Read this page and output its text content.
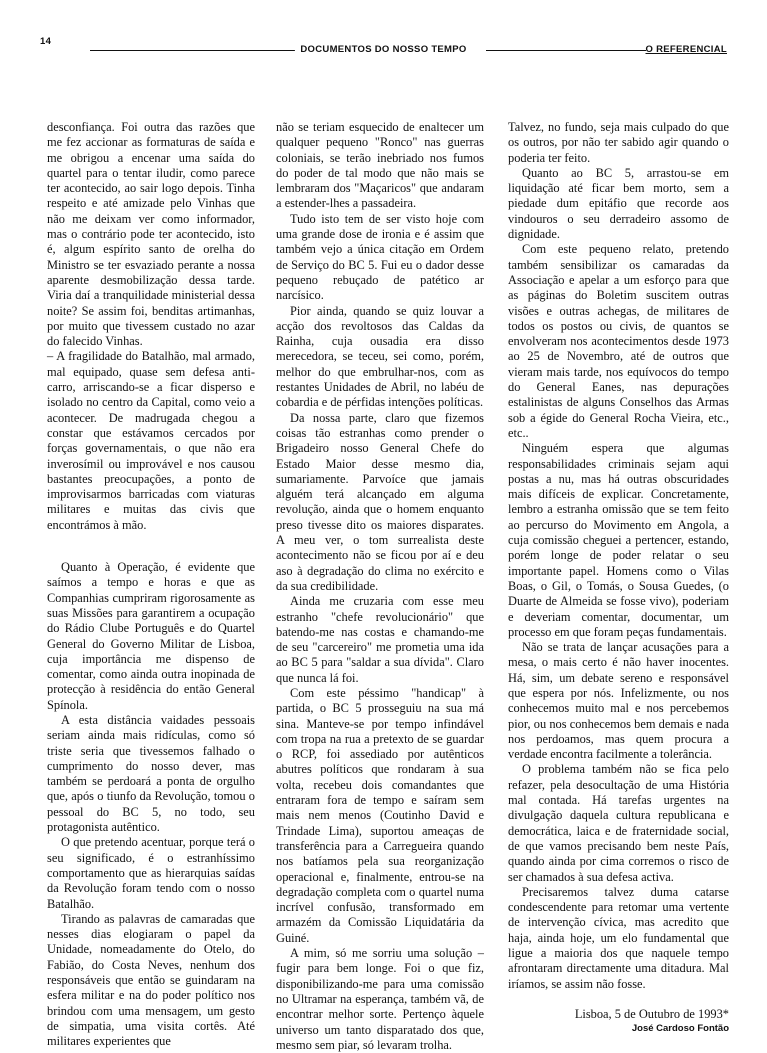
14
DOCUMENTOS DO NOSSO TEMPO	O REFERENCIAL

desconfiança. Foi outra das razões que me fez accionar as formaturas de saída e me obrigou a encenar uma saída do quartel para o tentar iludir, como parece ter acontecido, ao sair logo depois. Tinha respeito e até amizade pelo Vinhas que não me deixam ver como informador, mas o contrário pode ter acontecido, isto é, algum espírito santo de orelha do Ministro se ter esvaziado perante a nossa aparente desmobilização dessa tarde. Viria daí a tranquilidade ministerial dessa noite? Se assim foi, benditas artimanhas, por muito que tivessem custado no azar do falecido Vinhas.

– A fragilidade do Batalhão, mal armado, mal equipado, quase sem defesa anti-carro, arriscando-se a ficar disperso e isolado no centro da Capital, como veio a acontecer. De madrugada chegou a constar que estávamos cercados por forças governamentais, o que não era inverosímil ou improvável e nos causou bastantes preocupações, a ponto de improvisarmos barricadas com viaturas militares e muitas das civis que encontrámos à mão.

Quanto à Operação, é evidente que saímos a tempo e horas e que as Companhias cumpriram rigorosamente as suas Missões para garantirem a ocupação do Rádio Clube Português e do Quartel General do Governo Militar de Lisboa, cuja importância me dispenso de comentar, como ainda outra inopinada de protecção à residência do então General Spínola.

A esta distância vaidades pessoais seriam ainda mais ridículas, como só triste seria que tivessemos falhado o cumprimento do nosso dever, mas também se perdoará a ponta de orgulho que, após o tiunfo da Revolução, tomou o pessoal do BC 5, no todo, seu protagonista autêntico.

O que pretendo acentuar, porque terá o seu significado, é o estranhíssimo comportamento que as hierarquias saídas da Revolução foram tendo com o nosso Batalhão.

Tirando as palavras de camaradas que nesses dias elogiaram o papel da Unidade, nomeadamente do Otelo, do Fabião, do Costa Neves, nenhum dos responsáveis que então se guindaram na esfera militar e na do poder político nos brindou com uma mensagem, um gesto de simpatia, uma visita cortês. Até militares experientes que

não se teriam esquecido de enaltecer um qualquer pequeno "Ronco" nas guerras coloniais, se terão inebriado nos fumos do poder de tal modo que não mais se lembraram dos "Maçaricos" que andaram a estender-lhes a passadeira.

Tudo isto tem de ser visto hoje com uma grande dose de ironia e é assim que também vejo a única citação em Ordem de Serviço do BC 5. Fui eu o dador desse pequeno rebuçado de patético ar narcísico.

Pior ainda, quando se quiz louvar a acção dos revoltosos das Caldas da Rainha, cuja ousadia era disso merecedora, se teceu, sei como, porém, melhor do que embrulhar-nos, com as restantes Unidades de Abril, no labéu de cobardia e de pérfidas intenções políticas.

Da nossa parte, claro que fizemos coisas tão estranhas como prender o Brigadeiro nosso General Chefe do Estado Maior desse mesmo dia, sumariamente. Parvoíce que jamais alguém terá alcançado em alguma revolução, ainda que o homem enquanto preso tivesse dito os maiores disparates. A meu ver, o tom surrealista deste acontecimento não se ficou por aí e deu aso à degradação do clima no exército e da sua credibilidade.

Ainda me cruzaria com esse meu estranho "chefe revolucionário" que batendo-me nas costas e chamando-me de seu "carcereiro" me prometia uma ida ao BC 5 para "saldar a sua dívida". Claro que nunca lá foi.

Com este péssimo "handicap" à partida, o BC 5 prosseguiu na sua má sina. Manteve-se por tempo infindável com tropa na rua a pretexto de se guardar o RCP, foi assediado por autênticos abutres políticos que rondaram à sua volta, recebeu dois comandantes que entraram fora de tempo e saíram sem mais nem menos (Coutinho David e Trindade Lima), suportou ameaças de transferência para a Carregueira quando nos batíamos pela sua reorganização operacional e, finalmente, entrou-se na degradação completa com o quartel numa incrível confusão, transformado em armazém da Comissão Liquidatária da Guiné.

A mim, só me sorriu uma solução – fugir para bem longe. Foi o que fiz, disponibilizando-me para uma comissão no Ultramar na esperança, também vã, de encontrar melhor sorte. Pertenço àquele universo um tanto disparatado dos que, mesmo sem piar, só levaram trolha.

Talvez, no fundo, seja mais culpado do que os outros, por não ter sabido agir quando o poderia ter feito.

Quanto ao BC 5, arrastou-se em liquidação até ficar bem morto, sem a piedade dum epitáfio que recorde aos vindouros o seu derradeiro assomo de dignidade.

Com este pequeno relato, pretendo também sensibilizar os camaradas da Associação e apelar a um esforço para que as páginas do Boletim suscitem outras visões e outras achegas, de militares de todos os postos ou civis, de quantos se envolveram nos acontecimentos desde 1973 ao 25 de Novembro, até de outros que vieram mais tarde, nos equívocos do tempo do General Eanes, nas depurações estalinistas de alguns Conselhos das Armas sob a égide do General Rocha Vieira, etc., etc..

Ninguém espera que algumas responsabilidades criminais sejam aqui postas a nu, mas há outras obscuridades mais difíceis de explicar. Concretamente, lembro a estranha omissão que se tem feito ao percurso do Movimento em Angola, a cuja comissão cheguei a pertencer, estando, porém longe de poder relatar o seu importante papel. Homens como o Vilas Boas, o Gil, o Tomás, o Sousa Guedes, (o Duarte de Almeida se fosse vivo), poderiam e deveriam comentar, documentar, um processo em que foram peças fundamentais.

Não se trata de lançar acusações para a mesa, o mais certo é não haver inocentes. Há, sim, um debate sereno e responsável que espera por nós. Infelizmente, ou nos conhecemos muito mal e nos percebemos pior, ou nos conhecemos bem demais e nada nos perdoamos, mas quem procura a verdade encontra facilmente a tolerância.

O problema também não se fica pelo refazer, pela desocultação de uma História mal contada. Há tarefas urgentes na divulgação daquela cultura republicana e democrática, laica e de fraternidade social, de que vamos precisando bem neste País, quando ainda por cima corremos o risco de ser chamados à sua defesa activa.

Precisaremos talvez duma catarse condescendente para retomar uma vertente de intervenção cívica, mas acredito que haja, ainda hoje, um elo fundamental que ligue a maioria dos que naquele tempo afrontaram directamente uma ditadura. Mal iríamos, se assim não fosse.

Lisboa, 5 de Outubro de 1993*

José Cardoso Fontão
